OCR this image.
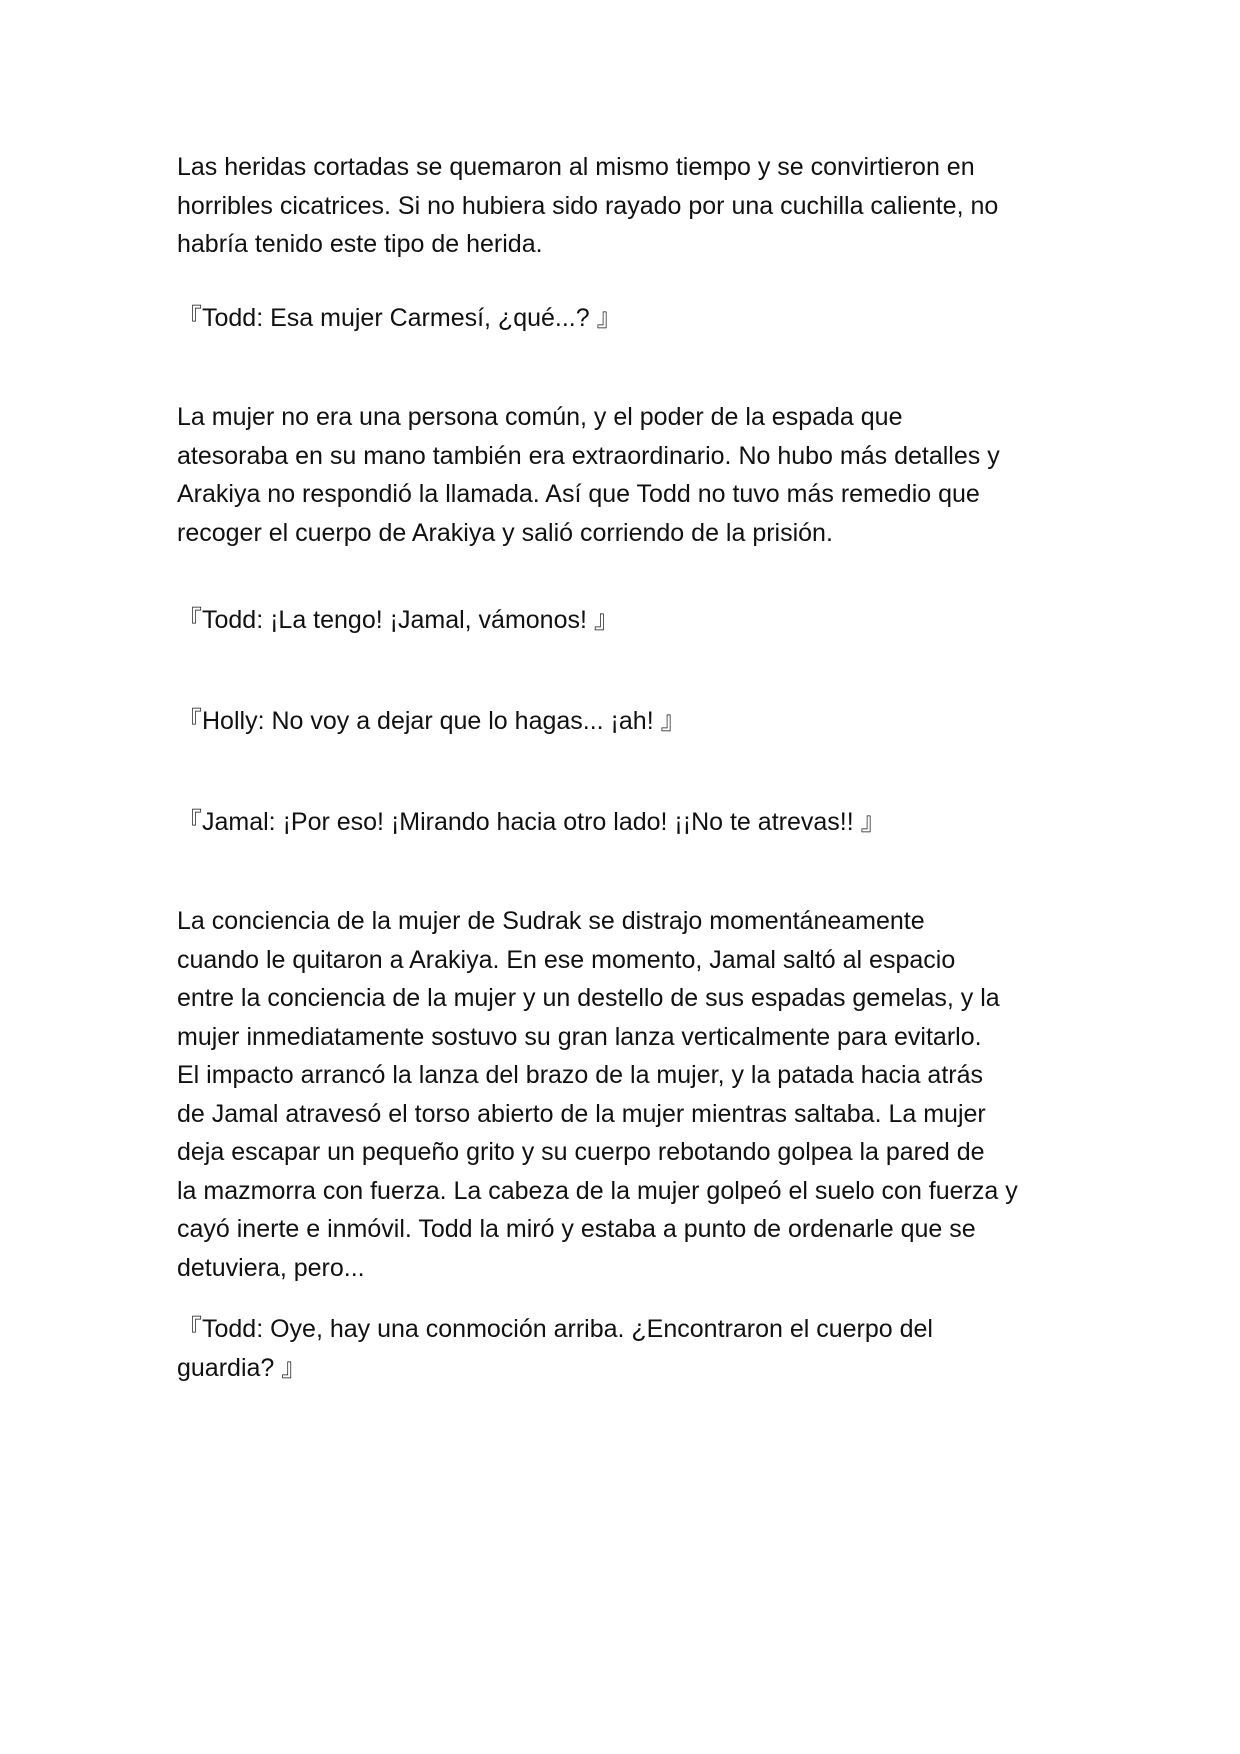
Las heridas cortadas se quemaron al mismo tiempo y se convirtieron en
horribles cicatrices. Si no hubiera sido rayado por una cuchilla caliente, no
habría tenido este tipo de herida.

『Todd: Esa mujer Carmesí, ¿qué...? 』

La mujer no era una persona común, y el poder de la espada que
atesoraba en su mano también era extraordinario. No hubo más detalles y
Arakiya no respondió la llamada. Así que Todd no tuvo más remedio que
recoger el cuerpo de Arakiya y salió corriendo de la prisión.

『Todd: ¡La tengo! ¡Jamal, vámonos! 』

『Holly: No voy a dejar que lo hagas... ¡ah! 』

『Jamal: ¡Por eso! ¡Mirando hacia otro lado! ¡¡No te atrevas!! 』

La conciencia de la mujer de Sudrak se distrajo momentáneamente
cuando le quitaron a Arakiya. En ese momento, Jamal saltó al espacio
entre la conciencia de la mujer y un destello de sus espadas gemelas, y la
mujer inmediatamente sostuvo su gran lanza verticalmente para evitarlo.
El impacto arrancó la lanza del brazo de la mujer, y la patada hacia atrás
de Jamal atravesó el torso abierto de la mujer mientras saltaba. La mujer
deja escapar un pequeño grito y su cuerpo rebotando golpea la pared de
la mazmorra con fuerza. La cabeza de la mujer golpeó el suelo con fuerza y
cayó inerte e inmóvil. Todd la miró y estaba a punto de ordenarle que se
detuviera, pero...

『Todd: Oye, hay una conmoción arriba. ¿Encontraron el cuerpo del
guardia? 』
